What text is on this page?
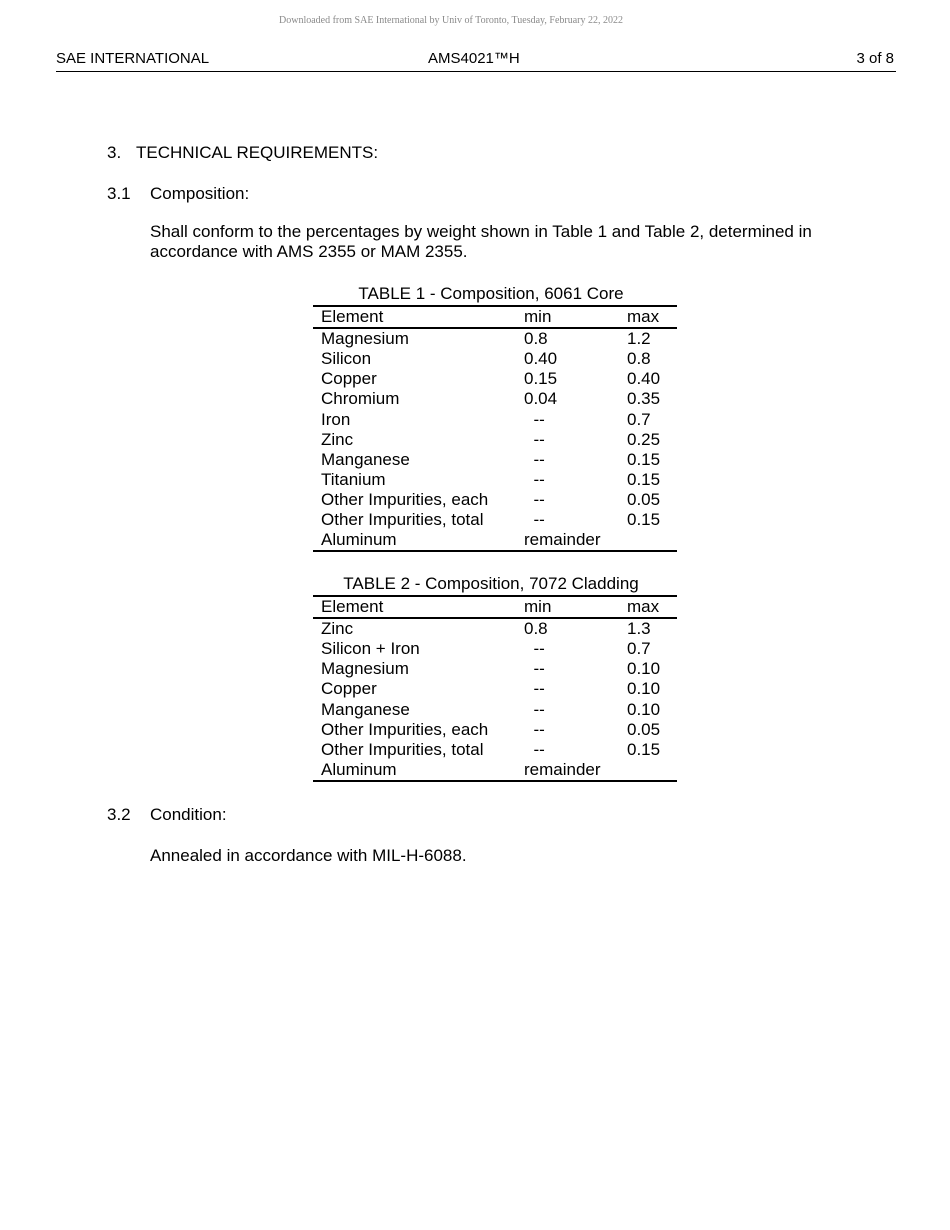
Downloaded from SAE International by Univ of Toronto, Tuesday, February 22, 2022
SAE INTERNATIONAL	AMS4021™H	3 of 8
3. TECHNICAL REQUIREMENTS:
3.1 Composition:
Shall conform to the percentages by weight shown in Table 1 and Table 2, determined in accordance with AMS 2355 or MAM 2355.
TABLE 1 - Composition, 6061 Core
Element	min	max
Magnesium	0.8	1.2
Silicon	0.40	0.8
Copper	0.15	0.40
Chromium	0.04	0.35
Iron	--	0.7
Zinc	--	0.25
Manganese	--	0.15
Titanium	--	0.15
Other Impurities, each	--	0.05
Other Impurities, total	--	0.15
Aluminum	remainder	
TABLE 2 - Composition, 7072 Cladding
Element	min	max
Zinc	0.8	1.3
Silicon + Iron	--	0.7
Magnesium	--	0.10
Copper	--	0.10
Manganese	--	0.10
Other Impurities, each	--	0.05
Other Impurities, total	--	0.15
Aluminum	remainder	
3.2 Condition:
Annealed in accordance with MIL-H-6088.
